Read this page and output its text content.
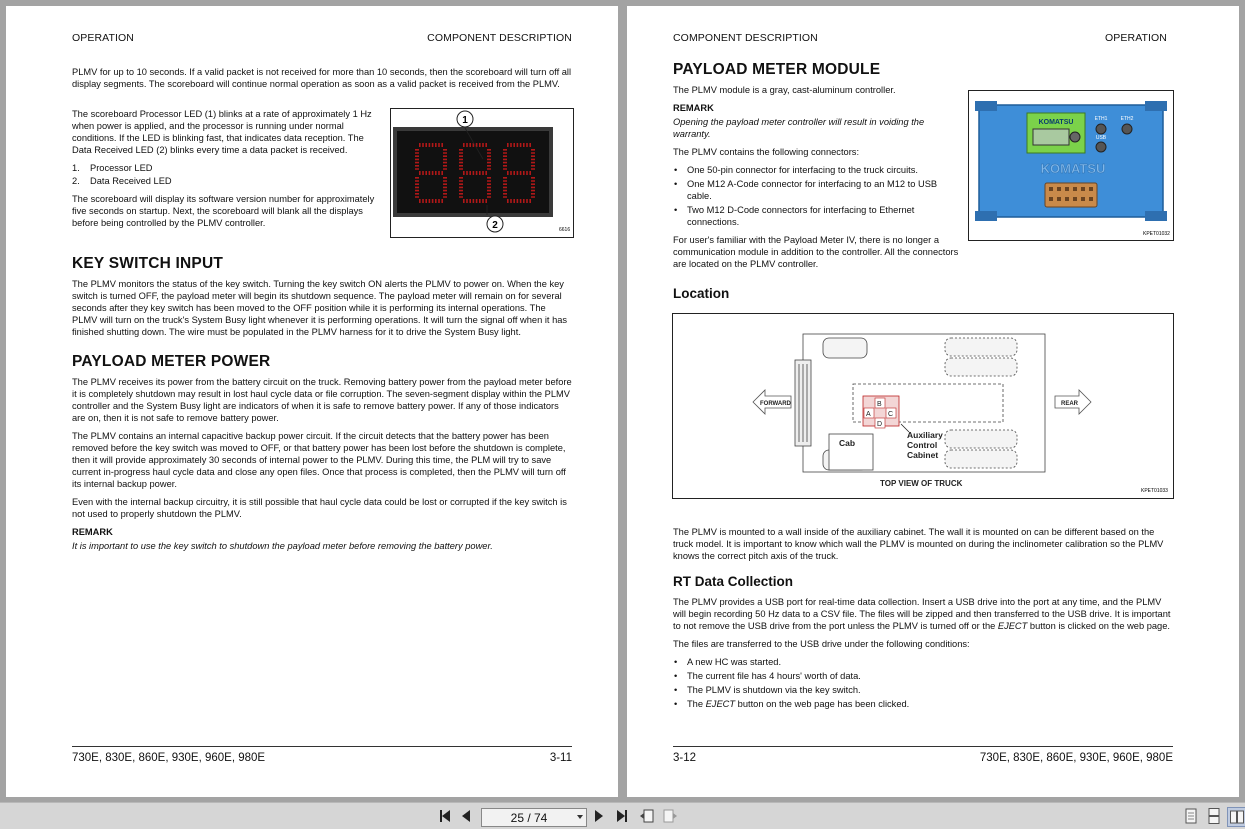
OPERATION	COMPONENT DESCRIPTION

PLMV for up to 10 seconds. If a valid packet is not received for more than 10 seconds, then the scoreboard will turn off all display segments. The scoreboard will continue normal operation as soon as a valid packet is received from the PLMV.

The scoreboard Processor LED (1) blinks at a rate of approximately 1 Hz when power is applied, and the processor is running under normal conditions. If the LED is blinking fast, that indicates data reception. The Data Received LED (2) blinks every time a data packet is received.

1. Processor LED
2. Data Received LED

The scoreboard will display its software version number for approximately five seconds on startup. Next, the scoreboard will blank all the displays before being controlled by the PLMV controller.

1
2	6616
KEY SWITCH INPUT

The PLMV monitors the status of the key switch. Turning the key switch ON alerts the PLMV to power on. When the key switch is turned OFF, the payload meter will begin its shutdown sequence. The payload meter will remain on for several seconds after they key switch has been moved to the OFF position while it is performing its internal operations. The PLMV will turn on the truck's System Busy light whenever it is performing operations. It will turn the signal off when it has finished shutting down. The wire must be populated in the PLMV harness for it to drive the System Busy light.

PAYLOAD METER POWER

The PLMV receives its power from the battery circuit on the truck. Removing battery power from the payload meter before it is completely shutdown may result in lost haul cycle data or file corruption. The seven-segment display within the PLMV controller and the System Busy light are indicators of when it is safe to remove battery power. If any of those indicators are on, then it is not safe to remove battery power.

The PLMV contains an internal capacitive backup power circuit. If the circuit detects that the battery power has been removed before the key switch was moved to OFF, or that battery power has been lost before the shutdown is complete, then it will provide approximately 30 seconds of internal power to the PLMV. During this time, the PLM will try to save current in-progress haul cycle data and close any open files. Once that process is completed, then the PLMV will turn off its internal backup power.

Even with the internal backup circuitry, it is still possible that haul cycle data could be lost or corrupted if the key switch is not used to properly shutdown the PLMV.

REMARK

It is important to use the key switch to shutdown the payload meter before removing the battery power.

730E, 830E, 860E, 930E, 960E, 980E	3-11
COMPONENT DESCRIPTION	OPERATION
PAYLOAD METER MODULE

The PLMV module is a gray, cast-aluminum controller.

REMARK

Opening the payload meter controller will result in voiding the warranty.

The PLMV contains the following connectors:

• One 50-pin connector for interfacing to the truck circuits.
• One M12 A-Code connector for interfacing to an M12 to USB cable.
• Two M12 D-Code connectors for interfacing to Ethernet connections.

For user's familiar with the Payload Meter IV, there is no longer a communication module in addition to the controller. All the connectors are located on the PLMV controller.

KOMATSU	ETH1	ETH2
USB
KOMATSU
KPET01032
Location
B
A C
D
Auxiliary
Control
Cabinet
Cab
TOP VIEW OF TRUCK
FORWARD	REAR
KPET01033

The PLMV is mounted to a wall inside of the auxiliary cabinet. The wall it is mounted on can be different based on the truck model. It is important to know which wall the PLMV is mounted on during the inclinometer calibration so the PLMV knows the correct pitch axis of the truck.

RT Data Collection

The PLMV provides a USB port for real-time data collection. Insert a USB drive into the port at any time, and the PLMV will begin recording 50 Hz data to a CSV file. The files will be zipped and then transferred to the USB drive. It is important to not remove the USB drive from the port unless the PLMV is turned off or the EJECT button is clicked on the web page.

The files are transferred to the USB drive under the following conditions:

• A new HC was started.
• The current file has 4 hours' worth of data.
• The PLMV is shutdown via the key switch.
• The EJECT button on the web page has been clicked.
3-12	730E, 830E, 860E, 930E, 960E, 980E
25 / 74
